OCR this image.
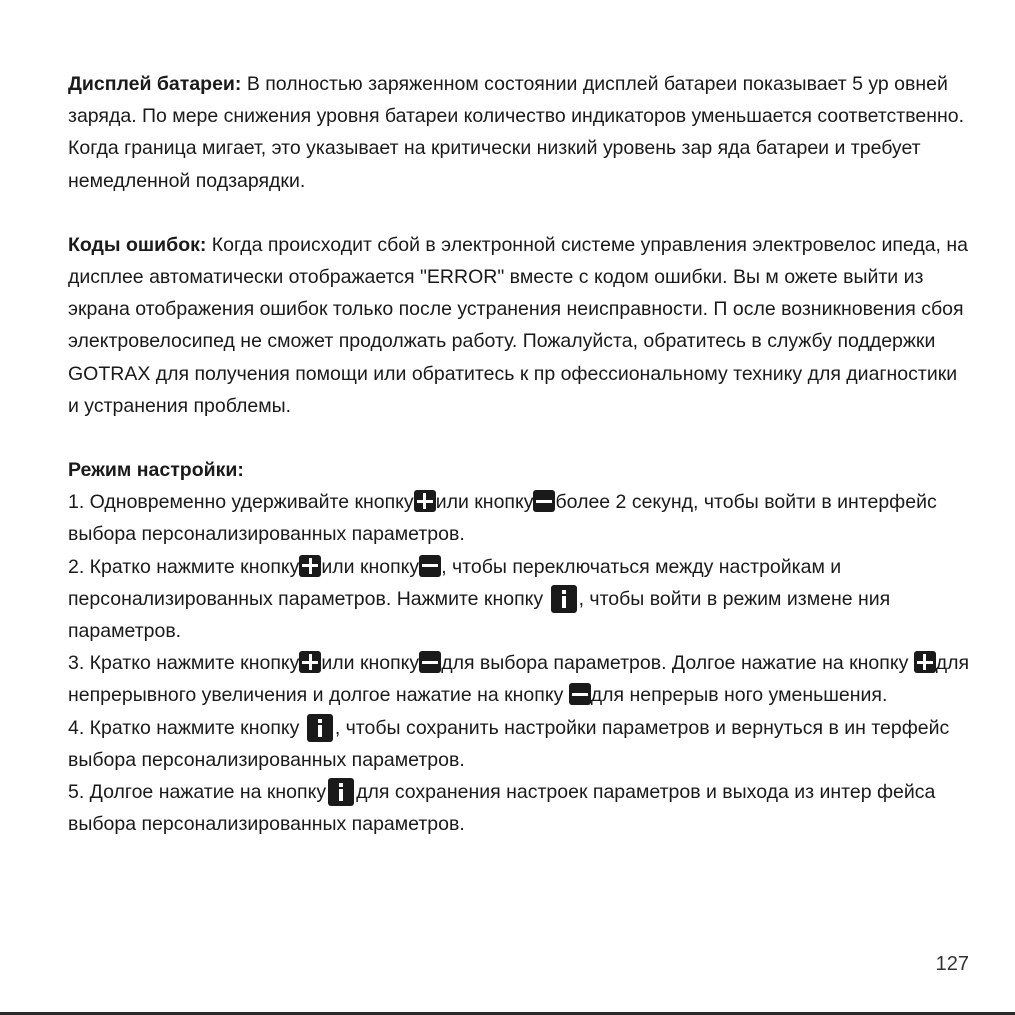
Дисплей батареи: В полностью заряженном состоянии дисплей батареи показывает 5 ур овней заряда. По мере снижения уровня батареи количество индикаторов уменьшается соответственно. Когда граница мигает, это указывает на критически низкий уровень зар яда батареи и требует немедленной подзарядки.

Коды ошибок: Когда происходит сбой в электронной системе управления электровелос ипеда, на дисплее автоматически отображается "ERROR" вместе с кодом ошибки. Вы м ожете выйти из экрана отображения ошибок только после устранения неисправности. П осле возникновения сбоя электровелосипед не сможет продолжать работу. Пожалуйста, обратитесь в службу поддержки GOTRAX для получения помощи или обратитесь к пр офессиональному технику для диагностики и устранения проблемы.

Режим настройки:

1. Одновременно удерживайте кнопку или кнопку более 2 секунд, чтобы войти в интерфейс выбора персонализированных параметров.

2. Кратко нажмите кнопку или кнопку , чтобы переключаться между настройкам и персонализированных параметров. Нажмите кнопку , чтобы войти в режим измене ния параметров.

3. Кратко нажмите кнопку или кнопку для выбора параметров. Долгое нажатие на кнопку для непрерывного увеличения и долгое нажатие на кнопку для непрерыв ного уменьшения.

4. Кратко нажмите кнопку , чтобы сохранить настройки параметров и вернуться в ин терфейс выбора персонализированных параметров.

5. Долгое нажатие на кнопку для сохранения настроек параметров и выхода из интер фейса выбора персонализированных параметров.

127
